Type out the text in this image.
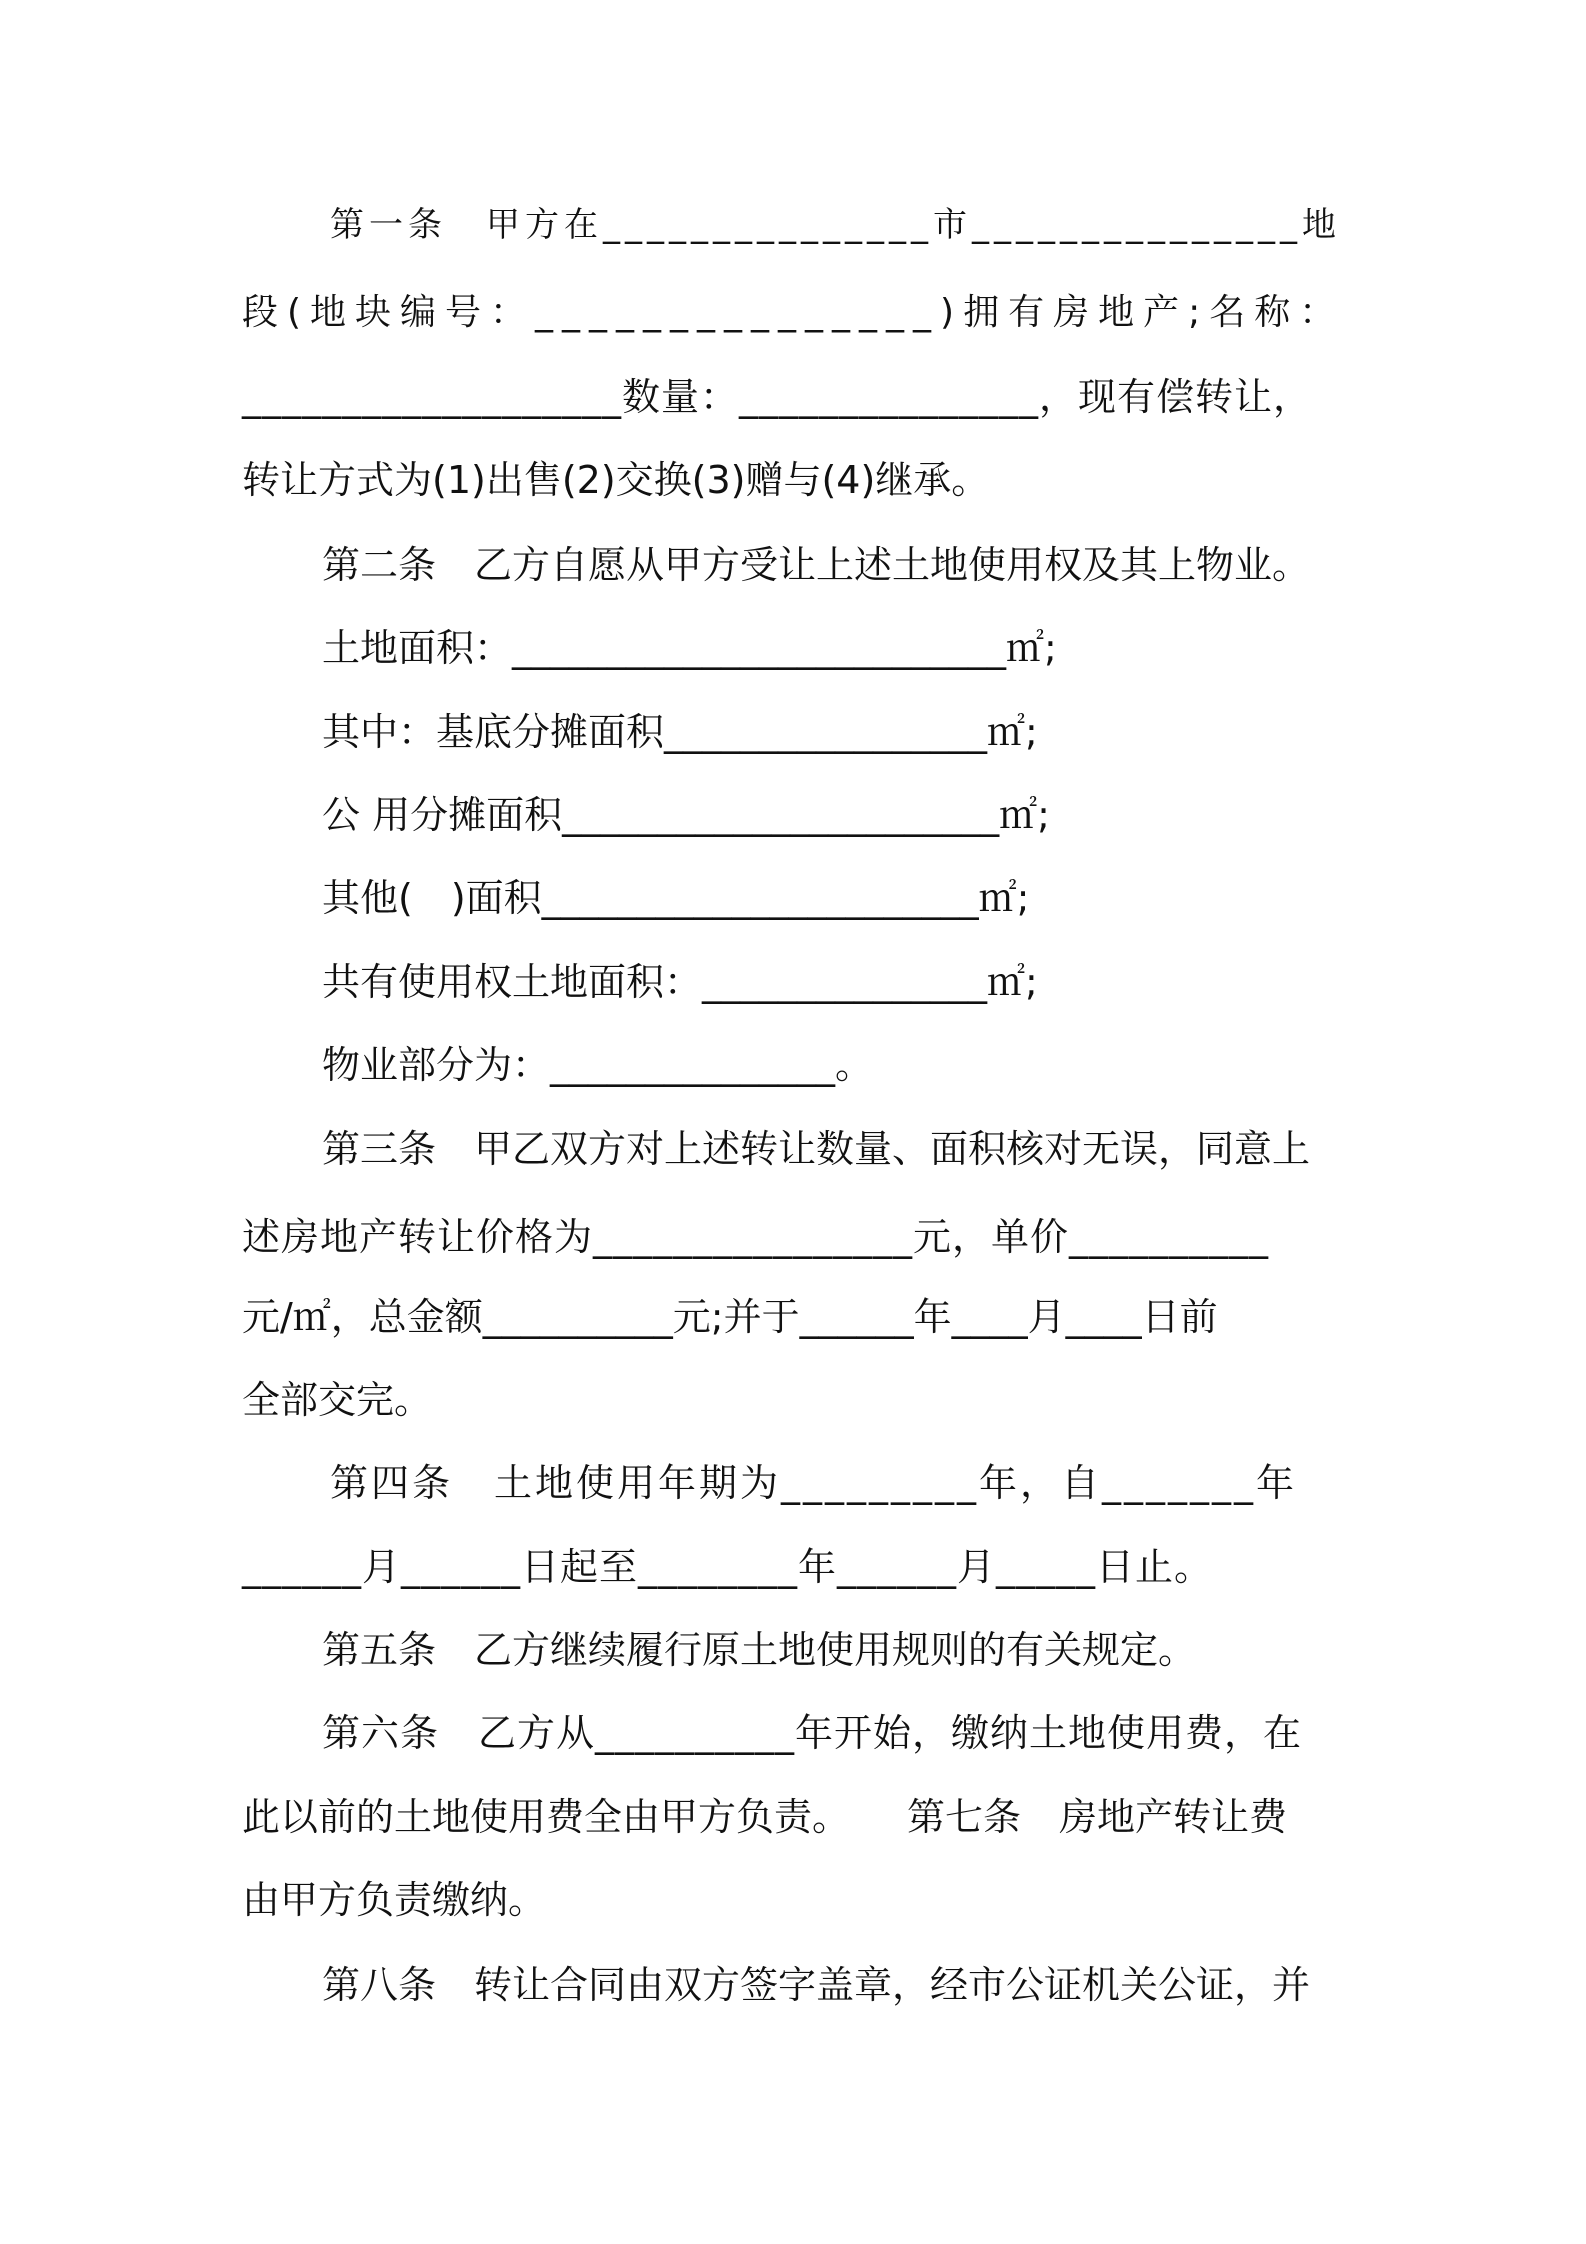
第一条　甲方在_______________市_______________地
段(地块编号：_______________)拥有房地产;名称：
___________________数量：_______________，现有偿转让，
转让方式为(1)出售(2)交换(3)赠与(4)继承。
第二条　乙方自愿从甲方受让上述土地使用权及其上物业。
土地面积：__________________________㎡;
其中：基底分摊面积_________________㎡;
公 用分摊面积_______________________㎡;
其他(　)面积_______________________㎡;
共有使用权土地面积：_______________㎡;
物业部分为：_______________。
第三条　甲乙双方对上述转让数量、面积核对无误，同意上
述房地产转让价格为________________元，单价__________
元/㎡，总金额__________元;并于______年____月____日前
全部交完。
第四条　土地使用年期为_________年，自_______年
______月______日起至________年______月_____日止。
第五条　乙方继续履行原土地使用规则的有关规定。
第六条　乙方从__________年开始，缴纳土地使用费，在
此以前的土地使用费全由甲方负责。　　第七条　房地产转让费
由甲方负责缴纳。
第八条　转让合同由双方签字盖章，经市公证机关公证，并
